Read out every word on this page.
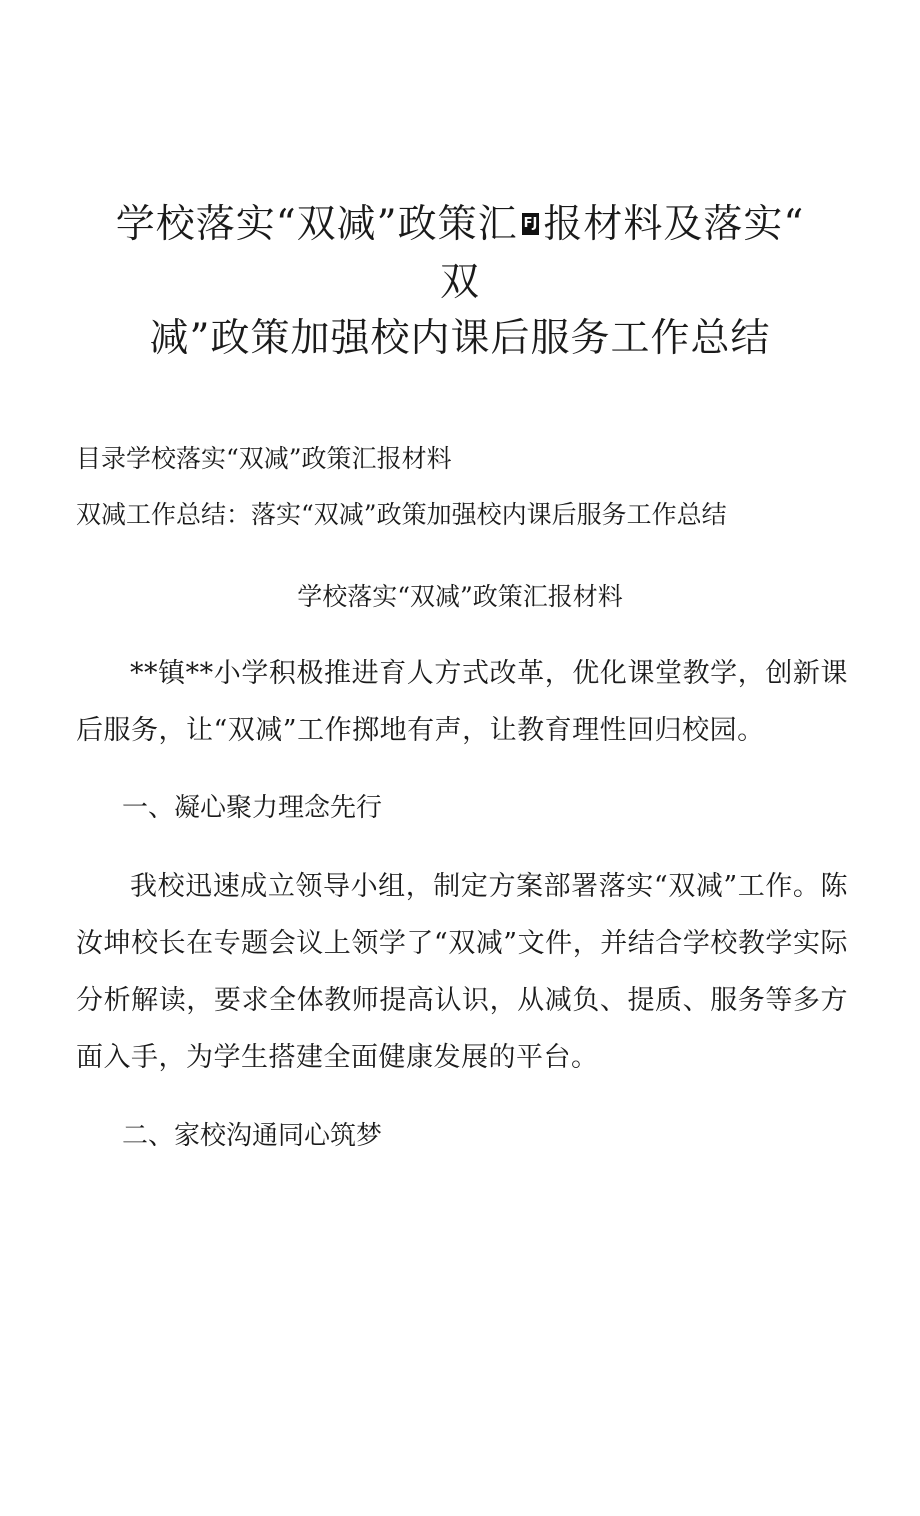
学校落实“双减”政策汇 FJ 报材料及落实“
双
减”政策加强校内课后服务工作总结
目录学校落实“双减”政策汇报材料
双减工作总结：落实“双减”政策加强校内课后服务工作总结
学校落实“双减”政策汇报材料
**镇**小学积极推进育人方式改革，优化课堂教学，创新课后服务，让“双减”工作掷地有声，让教育理性回归校园。
一、凝心聚力理念先行
我校迅速成立领导小组，制定方案部署落实“双减”工作。陈汝坤校长在专题会议上领学了“双减”文件，并结合学校教学实际分析解读，要求全体教师提高认识，从减负、提质、服务等多方面入手，为学生搭建全面健康发展的平台。
二、家校沟通同心筑梦
